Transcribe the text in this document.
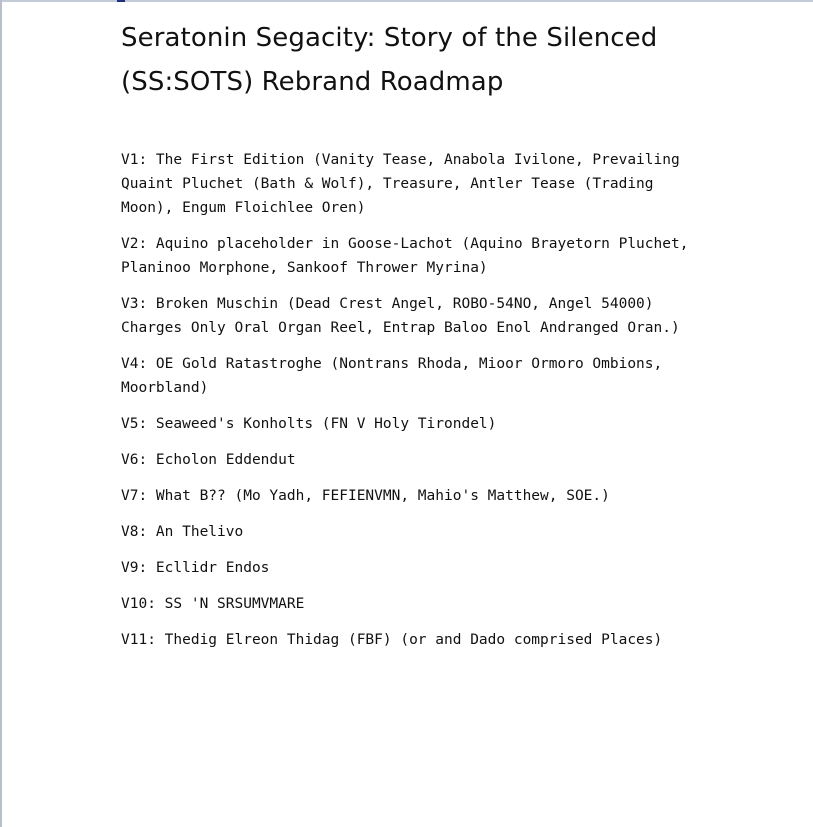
Seratonin Segacity: Story of the Silenced
(SS:SOTS) Rebrand Roadmap
V1: The First Edition (Vanity Tease, Anabola Ivilone, Prevailing Quaint Pluchet (Bath & Wolf), Treasure, Antler Tease (Trading Moon), Engum Floichlee Oren)
V2: Aquino placeholder in Goose-Lachot (Aquino Brayetorn Pluchet, Planinoo Morphone, Sankoof Thrower Myrina)
V3: Broken Muschin (Dead Crest Angel, ROBO-54NO, Angel 54000) Charges Only Oral Organ Reel, Entrap Baloo Enol Andranged Oran.)
V4: OE Gold Ratastroghe (Nontrans Rhoda, Mioor Ormoro Ombions, Moorbland)
V5: Seaweed's Konholts (FN V Holy Tirondel)
V6: Echolon Eddendut
V7: What B?? (Mo Yadh, FEFIENVMN, Mahio's Matthew, SOE.)
V8: An Thelivo
V9: Ecllidr Endos
V10: SS 'N SRSUMVMARE
V11: Thedig Elreon Thidag (FBF) (or and Dado comprised Places)
